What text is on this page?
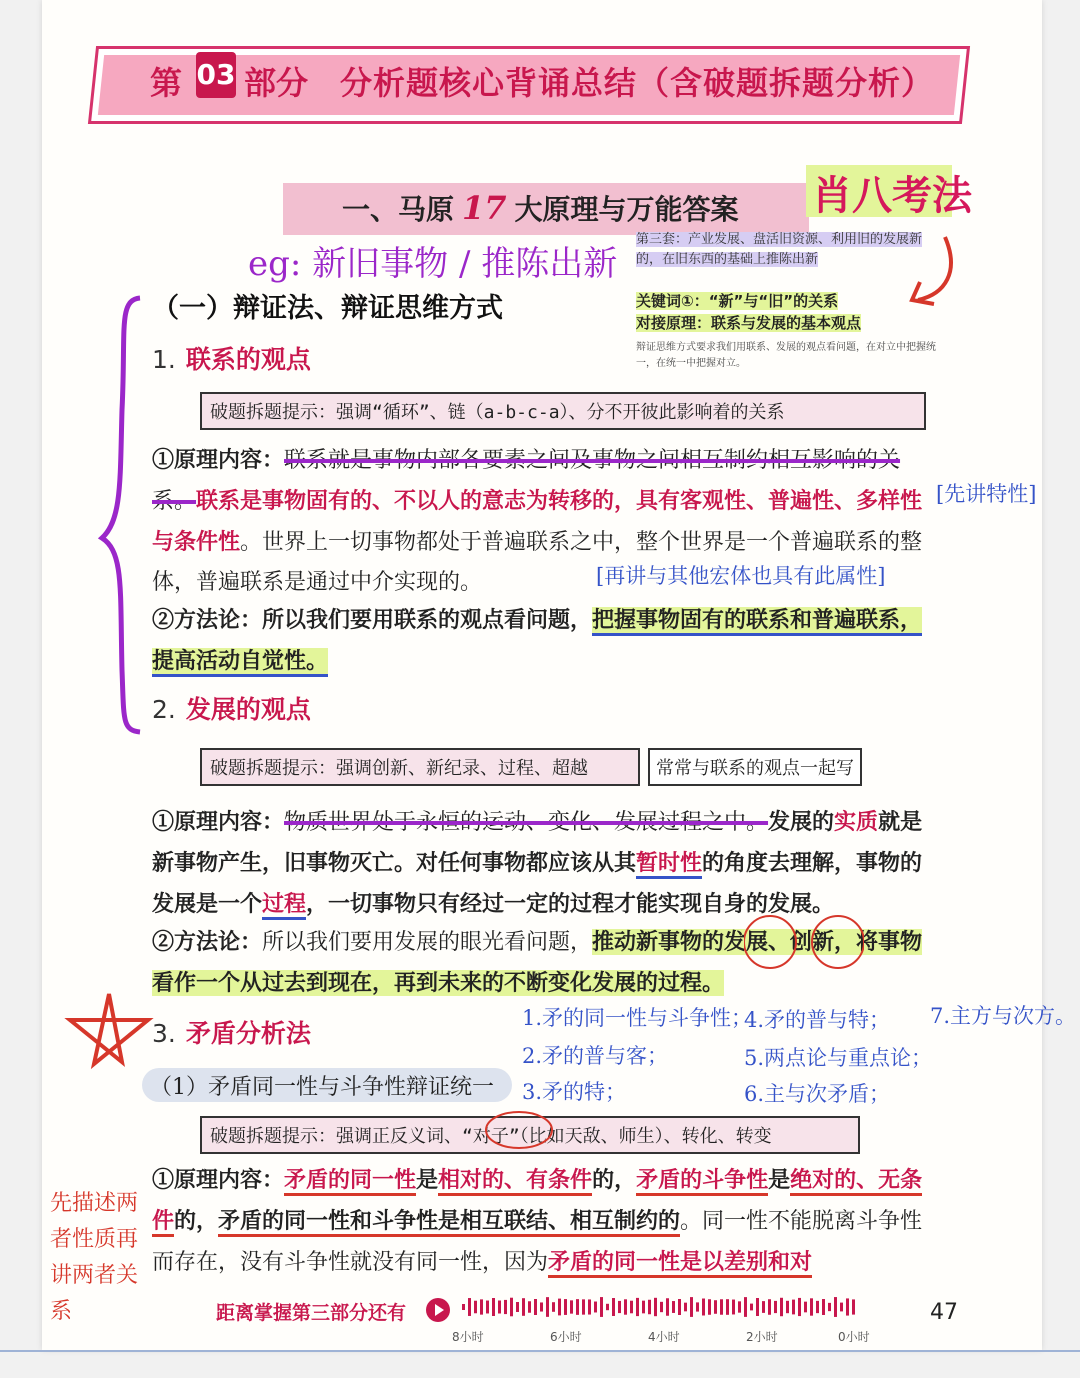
第 03 部分 分析题核心背诵总结（含破题拆题分析）
一、马原 17 大原理与万能答案 肖八考法
eg: 新旧事物 / 推陈出新
第三套：产业发展、盘活旧资源、利用旧的发展新的，在旧东西的基础上推陈出新
关键词①：“新”与“旧”的关系
对接原理：联系与发展的基本观点
辩证思维方式要求我们用联系、发展的观点看问题，在对立中把握统一，在统一中把握对立。
（一）辩证法、辩证思维方式
1. 联系的观点
破题拆题提示：强调“循环”、链（a-b-c-a）、分不开彼此影响着的关系
①原理内容：联系就是事物内部各要素之间及事物之间相互制约相互影响的关系。联系是事物固有的、不以人的意志为转移的，具有客观性、普遍性、多样性与条件性。世界上一切事物都处于普遍联系之中，整个世界是一个普遍联系的整体，普遍联系是通过中介实现的。
[先讲特性]
[再讲与其他宏体也具有此属性]
②方法论：所以我们要用联系的观点看问题，把握事物固有的联系和普遍联系，提高活动自觉性。
2. 发展的观点
破题拆题提示：强调创新、新纪录、过程、超越	常常与联系的观点一起写
①原理内容：物质世界处于永恒的运动、变化、发展过程之中。发展的实质就是新事物产生，旧事物灭亡。对任何事物都应该从其暂时性的角度去理解，事物的发展是一个过程，一切事物只有经过一定的过程才能实现自身的发展。
②方法论：所以我们要用发展的眼光看问题，推动新事物的发展、创新，将事物看作一个从过去到现在，再到未来的不断变化发展的过程。
3. 矛盾分析法
1.矛的同一性与斗争性；
2.矛的普与客；
3.矛的特；
4.矛的普与特；
5.两点论与重点论；
6.主与次矛盾；
7.主方与次方。
（1）矛盾同一性与斗争性辩证统一
破题拆题提示：强调正反义词、“对子”（比如天敌、师生）、转化、转变
先描述两者性质再讲两者关系
①原理内容：矛盾的同一性是相对的、有条件的，矛盾的斗争性是绝对的、无条件的，矛盾的同一性和斗争性是相互联结、相互制约的。同一性不能脱离斗争性而存在，没有斗争性就没有同一性，因为矛盾的同一性是以差别和对
距离掌握第三部分还有
8小时	6小时	4小时	2小时	0小时
47
